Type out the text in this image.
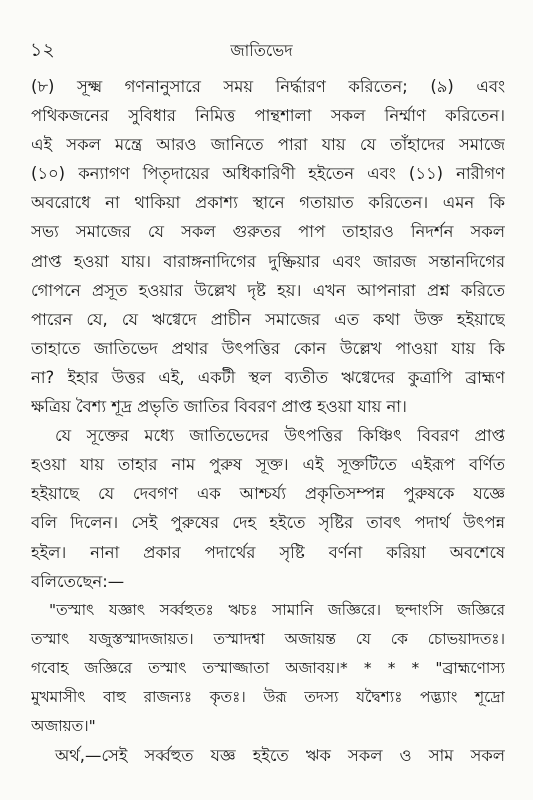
১২	জাতিভেদ

(৮) সূক্ষ্ম গণনানুসারে সময় নির্দ্ধারণ করিতেন; (৯) এবং
পথিকজনের সুবিধার নিমিত্ত পান্থশালা সকল নির্ম্মাণ করিতেন।
এই সকল মন্ত্রে আরও জানিতে পারা যায় যে তাঁহাদের সমাজে
(১০) কন্যাগণ পিতৃদায়ের অধিকারিণী হইতেন এবং (১১) নারীগণ
অবরোধে না থাকিয়া প্রকাশ্য স্থানে গতায়াত করিতেন। এমন কি
সভ্য সমাজের যে সকল গুরুতর পাপ তাহারও নিদর্শন সকল
প্রাপ্ত হওয়া যায়। বারাঙ্গনাদিগের দুষ্ক্রিয়ার এবং জারজ সন্তানদিগের
গোপনে প্রসূত হওয়ার উল্লেখ দৃষ্ট হয়। এখন আপনারা প্রশ্ন করিতে
পারেন যে, যে ঋগ্বেদে প্রাচীন সমাজের এত কথা উক্ত হইয়াছে
তাহাতে জাতিভেদ প্রথার উৎপত্তির কোন উল্লেখ পাওয়া যায় কি
না? ইহার উত্তর এই, একটী স্থল ব্যতীত ঋগ্বেদের কুত্রাপি ব্রাহ্মণ
ক্ষত্রিয় বৈশ্য শূদ্র প্রভৃতি জাতির বিবরণ প্রাপ্ত হওয়া যায় না।

যে সূক্তের মধ্যে জাতিভেদের উৎপত্তির কিঞ্চিৎ বিবরণ প্রাপ্ত
হওয়া যায় তাহার নাম পুরুষ সূক্ত। এই সূক্তটিতে এইরূপ বর্ণিত
হইয়াছে যে দেবগণ এক আশ্চর্য্য প্রকৃতিসম্পন্ন পুরুষকে যজ্ঞে
বলি দিলেন। সেই পুরুষের দেহ হইতে সৃষ্টির তাবৎ পদার্থ উৎপন্ন
হইল। নানা প্রকার পদার্থের সৃষ্টি বর্ণনা করিয়া অবশেষে
বলিতেছেন:—

"তস্মাৎ যজ্ঞাৎ সর্ব্বহুতঃ ঋচঃ সামানি জজ্ঞিরে। ছন্দাংসি জজ্ঞিরে
তস্মাৎ যজুস্তস্মাদজায়ত। তস্মাদশ্বা অজায়ন্ত যে কে চোভয়াদতঃ।
গবোহ জজ্ঞিরে তস্মাৎ তস্মাজ্জাতা অজাবয়।* * * * "ব্রাহ্মণোস্য
মুখমাসীৎ বাহু রাজন্যঃ কৃতঃ। উরূ তদস্য যদ্বৈশ্যঃ পদ্ভ্যাং শূদ্রো
অজায়ত।"

অর্থ,—সেই সর্ব্বহুত যজ্ঞ হইতে ঋক সকল ও সাম সকল
